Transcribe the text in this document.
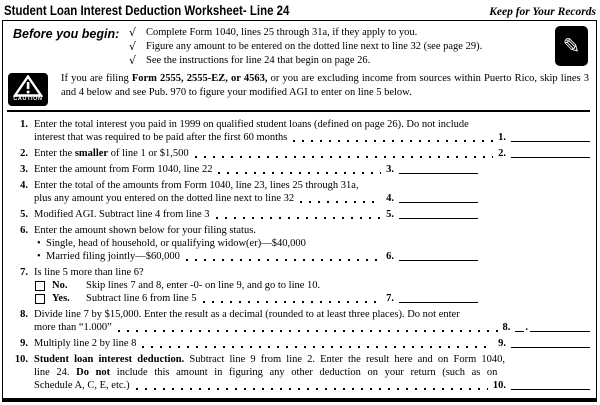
Student Loan Interest Deduction Worksheet- Line 24	Keep for Your Records
Before you begin: √ Complete Form 1040, lines 25 through 31a, if they apply to you.
√ Figure any amount to be entered on the dotted line next to line 32 (see page 29).
√ See the instructions for line 24 that begin on page 26.
✎
CAUTION
If you are filing Form 2555, 2555-EZ, or 4563, or you are excluding income from sources within Puerto Rico, skip lines 3 and 4 below and see Pub. 970 to figure your modified AGI to enter on line 5 below.
1. Enter the total interest you paid in 1999 on qualified student loans (defined on page 26). Do not include
interest that was required to be paid after the first 60 months	1.
2. Enter the smaller of line 1 or $1,500	2.
3. Enter the amount from Form 1040, line 22	3.
4. Enter the total of the amounts from Form 1040, line 23, lines 25 through 31a,
plus any amount you entered on the dotted line next to line 32	4.
5. Modified AGI. Subtract line 4 from line 3	5.
6. Enter the amount shown below for your filing status.
• Single, head of household, or qualifying widow(er)—$40,000
• Married filing jointly—$60,000	6.
7. Is line 5 more than line 6?
No.	Skip lines 7 and 8, enter -0- on line 9, and go to line 10.
Yes.	Subtract line 6 from line 5	7.
8. Divide line 7 by $15,000. Enter the result as a decimal (rounded to at least three places). Do not enter
more than “1.000”	8. .
9. Multiply line 2 by line 8	9.
10. Student loan interest deduction. Subtract line 9 from line 2. Enter the result here and on Form 1040,
line 24. Do not include this amount in figuring any other deduction on your return (such as on
Schedule A, C, E, etc.)	10.
